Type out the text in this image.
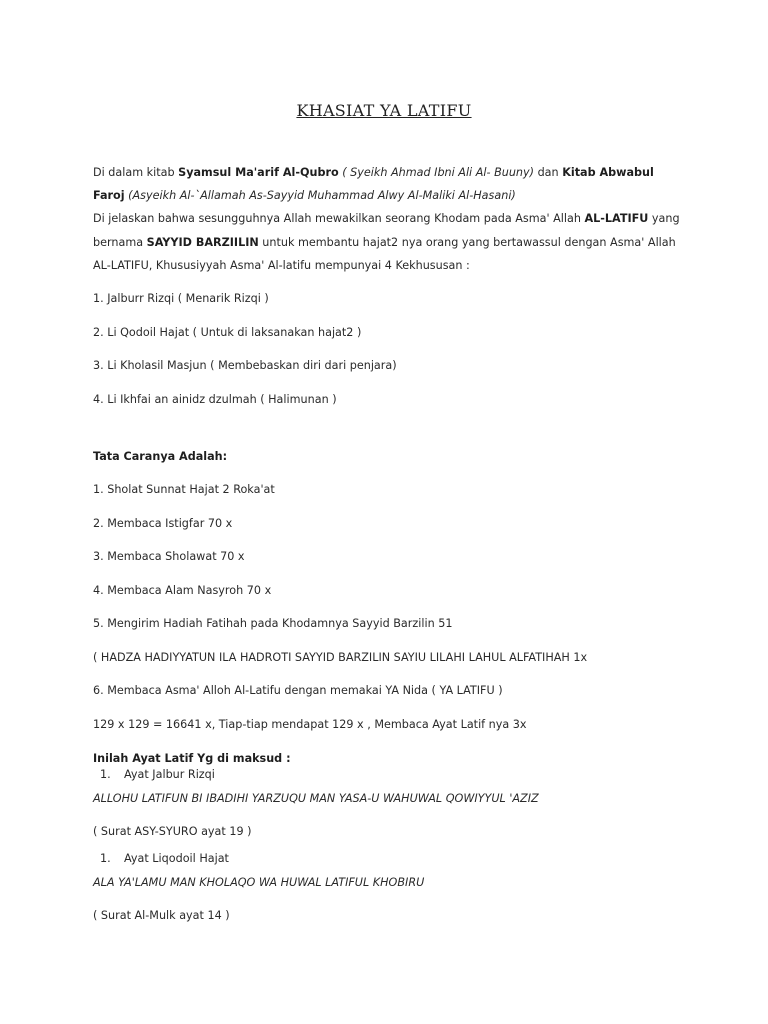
KHASIAT YA LATIFU
Di dalam kitab Syamsul Ma'arif Al-Qubro ( Syeikh Ahmad Ibni Ali Al- Buuny) dan Kitab Abwabul
Faroj (Asyeikh Al-`Allamah As-Sayyid Muhammad Alwy Al-Maliki Al-Hasani)
Di jelaskan bahwa sesungguhnya Allah mewakilkan seorang Khodam pada Asma' Allah AL-LATIFU yang
bernama SAYYID BARZIILIN untuk membantu hajat2 nya orang yang bertawassul dengan Asma' Allah
AL-LATIFU, Khususiyyah Asma' Al-latifu mempunyai 4 Kekhususan :
1. Jalburr Rizqi ( Menarik Rizqi )
2. Li Qodoil Hajat ( Untuk di laksanakan hajat2 )
3. Li Kholasil Masjun ( Membebaskan diri dari penjara)
4. Li Ikhfai an ainidz dzulmah ( Halimunan )
Tata Caranya Adalah:
1. Sholat Sunnat Hajat 2 Roka'at
2. Membaca Istigfar 70 x
3. Membaca Sholawat 70 x
4. Membaca Alam Nasyroh 70 x
5. Mengirim Hadiah Fatihah pada Khodamnya Sayyid Barzilin 51
( HADZA HADIYYATUN ILA HADROTI SAYYID BARZILIN SAYIU LILAHI LAHUL ALFATIHAH 1x
6. Membaca Asma' Alloh Al-Latifu dengan memakai YA Nida ( YA LATIFU )
129 x 129 = 16641 x, Tiap-tiap mendapat 129 x , Membaca Ayat Latif nya 3x
Inilah Ayat Latif Yg di maksud :
1. Ayat Jalbur Rizqi
ALLOHU LATIFUN BI IBADIHI YARZUQU MAN YASA-U WAHUWAL QOWIYYUL 'AZIZ
( Surat ASY-SYURO ayat 19 )
1. Ayat Liqodoil Hajat
ALA YA'LAMU MAN KHOLAQO WA HUWAL LATIFUL KHOBIRU
( Surat Al-Mulk ayat 14 )
